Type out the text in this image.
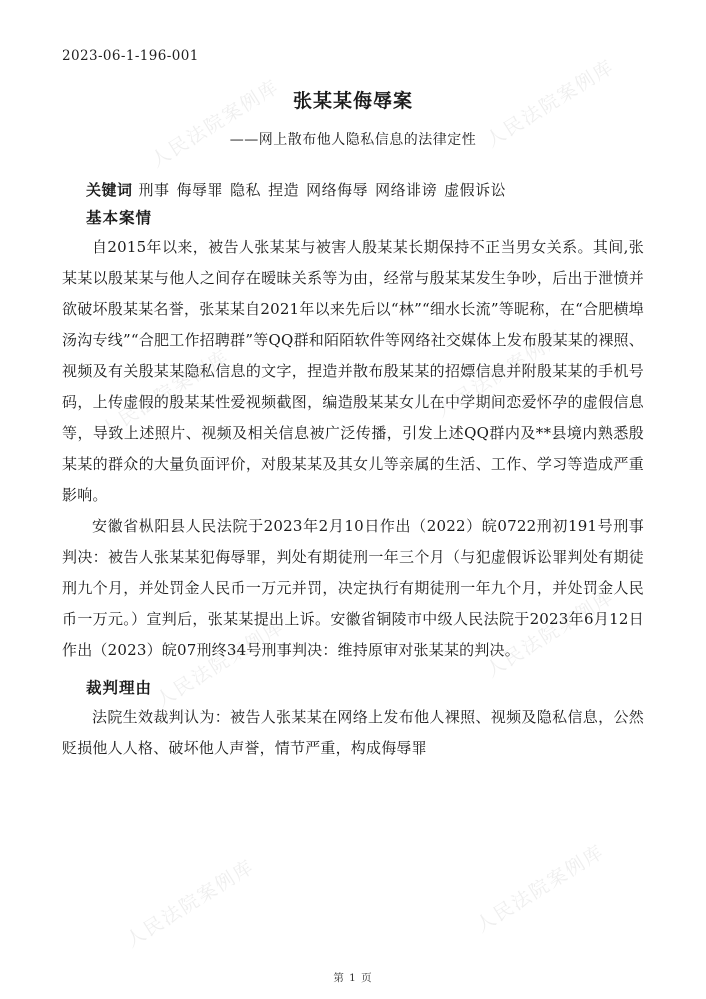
2023-06-1-196-001
张某某侮辱案
——网上散布他人隐私信息的法律定性
关键词 刑事 侮辱罪 隐私 捏造 网络侮辱 网络诽谤 虚假诉讼
基本案情

自2015年以来，被告人张某某与被害人殷某某长期保持不正当男女关系。其间,张某某以殷某某与他人之间存在暧昧关系等为由，经常与殷某某发生争吵，后出于泄愤并欲破坏殷某某名誉，张某某自2021年以来先后以“林”“细水长流”等昵称，在“合肥横埠汤沟专线”“合肥工作招聘群”等QQ群和陌陌软件等网络社交媒体上发布殷某某的裸照、视频及有关殷某某隐私信息的文字，捏造并散布殷某某的招嫖信息并附殷某某的手机号码，上传虚假的殷某某性爱视频截图，编造殷某某女儿在中学期间恋爱怀孕的虚假信息等，导致上述照片、视频及相关信息被广泛传播，引发上述QQ群内及**县境内熟悉殷某某的群众的大量负面评价，对殷某某及其女儿等亲属的生活、工作、学习等造成严重影响。

安徽省枞阳县人民法院于2023年2月10日作出（2022）皖0722刑初191号刑事判决：被告人张某某犯侮辱罪，判处有期徒刑一年三个月（与犯虚假诉讼罪判处有期徒刑九个月，并处罚金人民币一万元并罚，决定执行有期徒刑一年九个月，并处罚金人民币一万元。）宣判后，张某某提出上诉。安徽省铜陵市中级人民法院于2023年6月12日作出（2023）皖07刑终34号刑事判决：维持原审对张某某的判决。

裁判理由

法院生效裁判认为：被告人张某某在网络上发布他人裸照、视频及隐私信息，公然贬损他人人格、破坏他人声誉，情节严重，构成侮辱罪

人民法院案例库	人民法院案例库
人民法院案例库	人民法院案例库
人民法院案例库	人民法院案例库
人民法院案例库	人民法院案例库
第 1 页
